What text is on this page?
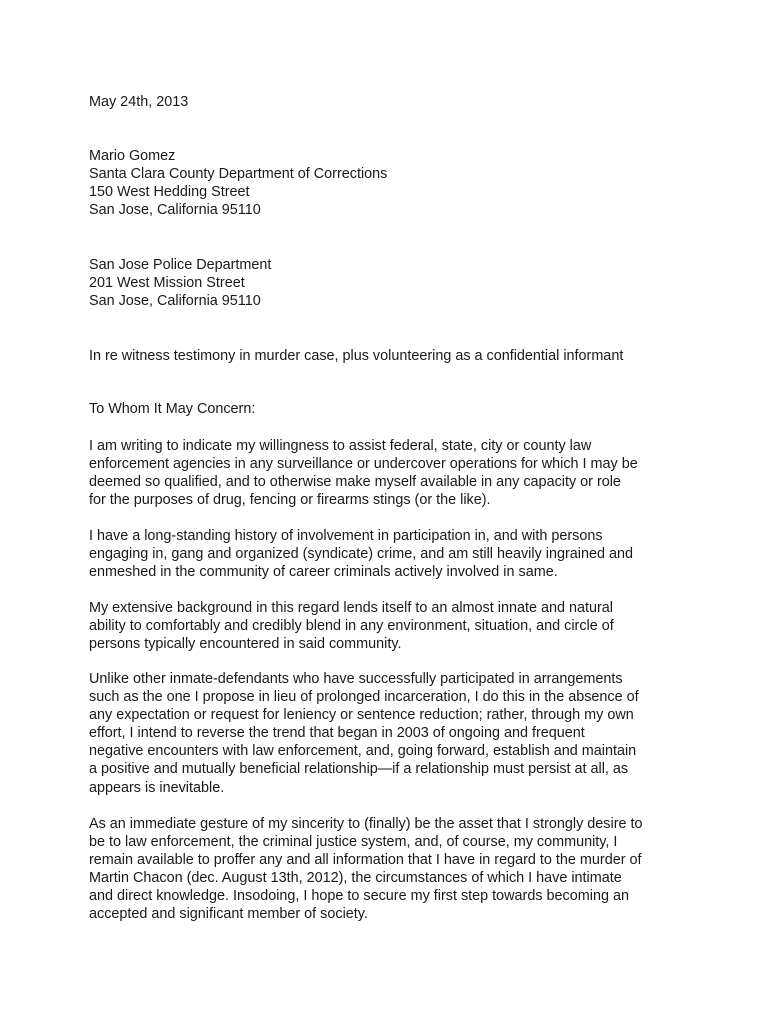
May 24th, 2013
Mario Gomez
Santa Clara County Department of Corrections
150 West Hedding Street
San Jose, California 95110
San Jose Police Department
201 West Mission Street
San Jose, California 95110
In re witness testimony in murder case, plus volunteering as a confidential informant
To Whom It May Concern:
I am writing to indicate my willingness to assist federal, state, city or county law
enforcement agencies in any surveillance or undercover operations for which I may be
deemed so qualified, and to otherwise make myself available in any capacity or role
for the purposes of drug, fencing or firearms stings (or the like).
I have a long-standing history of involvement in participation in, and with persons
engaging in, gang and organized (syndicate) crime, and am still heavily ingrained and
enmeshed in the community of career criminals actively involved in same.
My extensive background in this regard lends itself to an almost innate and natural
ability to comfortably and credibly blend in any environment, situation, and circle of
persons typically encountered in said community.
Unlike other inmate-defendants who have successfully participated in arrangements
such as the one I propose in lieu of prolonged incarceration, I do this in the absence of
any expectation or request for leniency or sentence reduction; rather, through my own
effort, I intend to reverse the trend that began in 2003 of ongoing and frequent
negative encounters with law enforcement, and, going forward, establish and maintain
a positive and mutually beneficial relationship—if a relationship must persist at all, as
appears is inevitable.
As an immediate gesture of my sincerity to (finally) be the asset that I strongly desire to
be to law enforcement, the criminal justice system, and, of course, my community, I
remain available to proffer any and all information that I have in regard to the murder of
Martin Chacon (dec. August 13th, 2012), the circumstances of which I have intimate
and direct knowledge. Insodoing, I hope to secure my first step towards becoming an
accepted and significant member of society.
